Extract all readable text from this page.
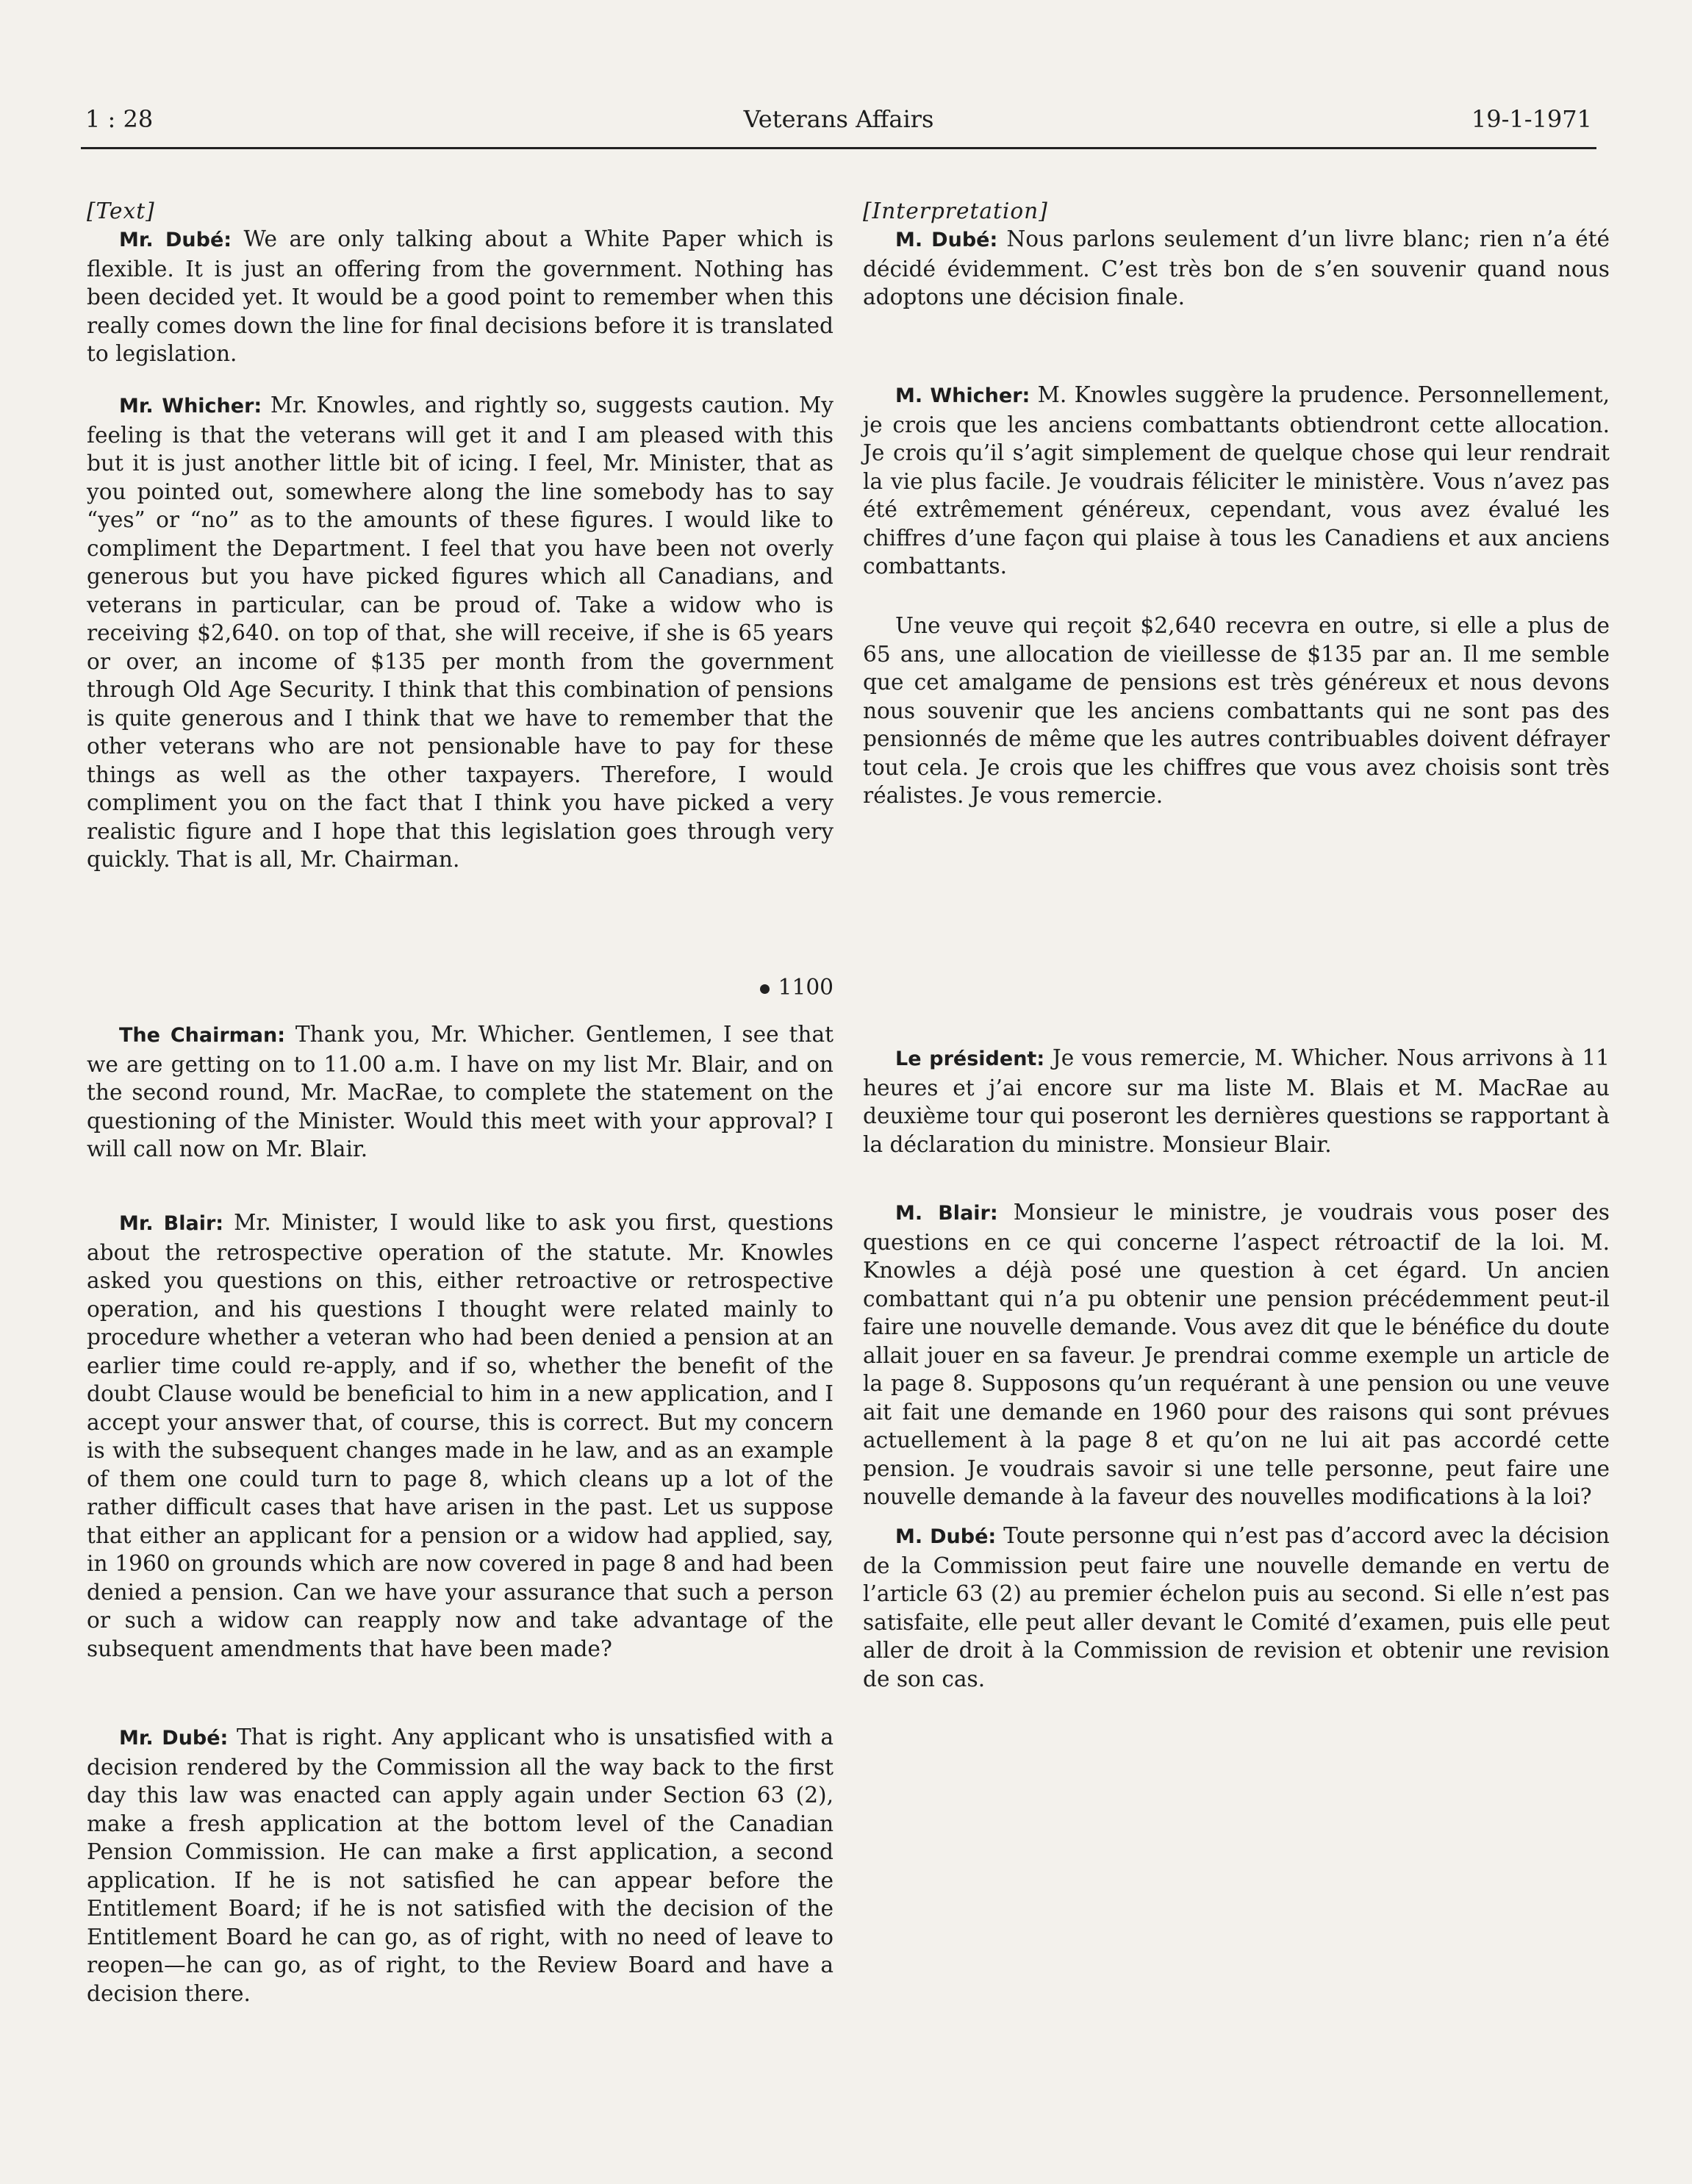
1 : 28	Veterans Affairs	19-1-1971

[Text]

Mr. Dubé: We are only talking about a White Paper which is flexible. It is just an offering from the government. Nothing has been decided yet. It would be a good point to remember when this really comes down the line for final decisions before it is translated to legislation.

Mr. Whicher: Mr. Knowles, and rightly so, suggests caution. My feeling is that the veterans will get it and I am pleased with this but it is just another little bit of icing. I feel, Mr. Minister, that as you pointed out, somewhere along the line somebody has to say “yes” or “no” as to the amounts of these figures. I would like to compliment the Department. I feel that you have been not overly generous but you have picked figures which all Canadians, and veterans in particular, can be proud of. Take a widow who is receiving $2,640. on top of that, she will receive, if she is 65 years or over, an income of $135 per month from the government through Old Age Security. I think that this combination of pensions is quite generous and I think that we have to remember that the other veterans who are not pensionable have to pay for these things as well as the other taxpayers. Therefore, I would compliment you on the fact that I think you have picked a very realistic figure and I hope that this legislation goes through very quickly. That is all, Mr. Chairman.

1100

The Chairman: Thank you, Mr. Whicher. Gentlemen, I see that we are getting on to 11.00 a.m. I have on my list Mr. Blair, and on the second round, Mr. MacRae, to complete the statement on the questioning of the Minister. Would this meet with your approval? I will call now on Mr. Blair.

Mr. Blair: Mr. Minister, I would like to ask you first, questions about the retrospective operation of the statute. Mr. Knowles asked you questions on this, either retroactive or retrospective operation, and his questions I thought were related mainly to procedure whether a veteran who had been denied a pension at an earlier time could re-apply, and if so, whether the benefit of the doubt Clause would be beneficial to him in a new application, and I accept your answer that, of course, this is correct. But my concern is with the subsequent changes made in he law, and as an example of them one could turn to page 8, which cleans up a lot of the rather difficult cases that have arisen in the past. Let us suppose that either an applicant for a pension or a widow had applied, say, in 1960 on grounds which are now covered in page 8 and had been denied a pension. Can we have your assurance that such a person or such a widow can reapply now and take advantage of the subsequent amendments that have been made?

Mr. Dubé: That is right. Any applicant who is unsatisfied with a decision rendered by the Commission all the way back to the first day this law was enacted can apply again under Section 63 (2), make a fresh application at the bottom level of the Canadian Pension Commission. He can make a first application, a second application. If he is not satisfied he can appear before the Entitlement Board; if he is not satisfied with the decision of the Entitlement Board he can go, as of right, with no need of leave to reopen—he can go, as of right, to the Review Board and have a decision there.

[Interpretation]

M. Dubé: Nous parlons seulement d’un livre blanc; rien n’a été décidé évidemment. C’est très bon de s’en souvenir quand nous adoptons une décision finale.

M. Whicher: M. Knowles suggère la prudence. Personnellement, je crois que les anciens combattants obtiendront cette allocation. Je crois qu’il s’agit simplement de quelque chose qui leur rendrait la vie plus facile. Je voudrais féliciter le ministère. Vous n’avez pas été extrêmement généreux, cependant, vous avez évalué les chiffres d’une façon qui plaise à tous les Canadiens et aux anciens combattants.

Une veuve qui reçoit $2,640 recevra en outre, si elle a plus de 65 ans, une allocation de vieillesse de $135 par an. Il me semble que cet amalgame de pensions est très généreux et nous devons nous souvenir que les anciens combattants qui ne sont pas des pensionnés de même que les autres contribuables doivent défrayer tout cela. Je crois que les chiffres que vous avez choisis sont très réalistes. Je vous remercie.

Le président: Je vous remercie, M. Whicher. Nous arrivons à 11 heures et j’ai encore sur ma liste M. Blais et M. MacRae au deuxième tour qui poseront les dernières questions se rapportant à la déclaration du ministre. Monsieur Blair.

M. Blair: Monsieur le ministre, je voudrais vous poser des questions en ce qui concerne l’aspect rétroactif de la loi. M. Knowles a déjà posé une question à cet égard. Un ancien combattant qui n’a pu obtenir une pension précédemment peut-il faire une nouvelle demande. Vous avez dit que le bénéfice du doute allait jouer en sa faveur. Je prendrai comme exemple un article de la page 8. Supposons qu’un requérant à une pension ou une veuve ait fait une demande en 1960 pour des raisons qui sont prévues actuellement à la page 8 et qu’on ne lui ait pas accordé cette pension. Je voudrais savoir si une telle personne, peut faire une nouvelle demande à la faveur des nouvelles modifications à la loi?

M. Dubé: Toute personne qui n’est pas d’accord avec la décision de la Commission peut faire une nouvelle demande en vertu de l’article 63 (2) au premier échelon puis au second. Si elle n’est pas satisfaite, elle peut aller devant le Comité d’examen, puis elle peut aller de droit à la Commission de revision et obtenir une revision de son cas.
